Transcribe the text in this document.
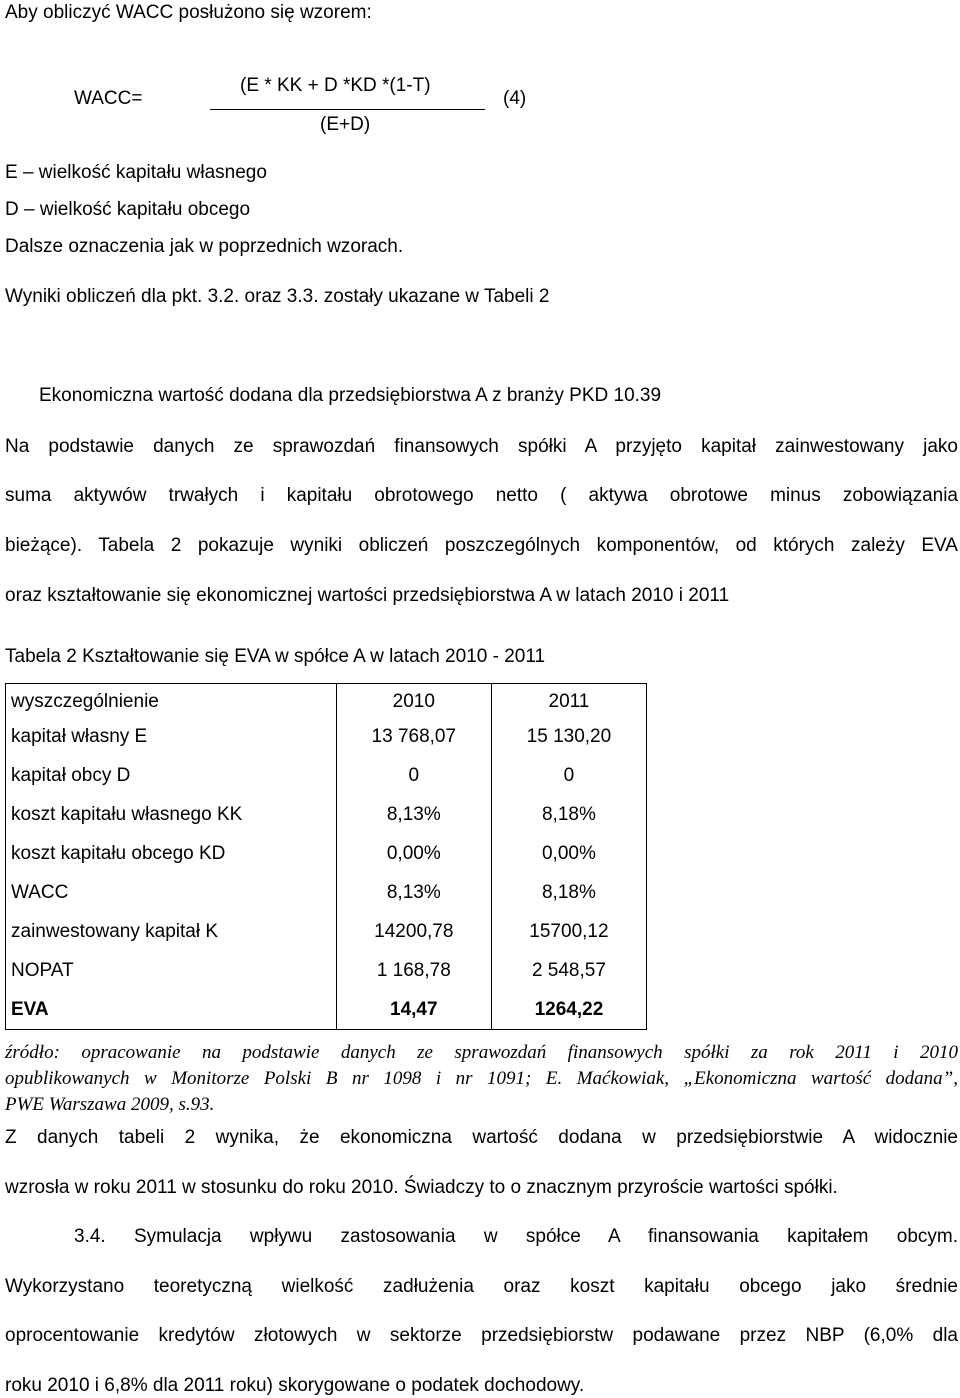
Aby obliczyć WACC posłużono się wzorem:
WACC=
(E * KK + D *KD *(1-T)
(E+D)
(4)
E – wielkość kapitału własnego
D – wielkość kapitału obcego
Dalsze oznaczenia jak w poprzednich wzorach.
Wyniki obliczeń dla pkt. 3.2. oraz 3.3. zostały ukazane w Tabeli 2
Ekonomiczna wartość dodana dla przedsiębiorstwa A z branży PKD 10.39
Na podstawie danych ze sprawozdań finansowych spółki A przyjęto kapitał zainwestowany jako
suma aktywów trwałych i kapitału obrotowego netto ( aktywa obrotowe minus zobowiązania
bieżące). Tabela 2 pokazuje wyniki obliczeń poszczególnych komponentów, od których zależy EVA
oraz kształtowanie się ekonomicznej wartości przedsiębiorstwa A w latach 2010 i 2011
Tabela 2 Kształtowanie się EVA w spółce A w latach 2010 - 2011
wyszczególnienie	2010	2011
kapitał własny E	13 768,07	15 130,20
kapitał obcy D	0	0
koszt kapitału własnego KK	8,13%	8,18%
koszt kapitału obcego KD	0,00%	0,00%
WACC	8,13%	8,18%
zainwestowany kapitał K	14200,78	15700,12
NOPAT	1 168,78	2 548,57
EVA	14,47	1264,22
źródło: opracowanie na podstawie danych ze sprawozdań finansowych spółki za rok 2011 i 2010
opublikowanych w Monitorze Polski B nr 1098 i nr 1091; E. Maćkowiak, „Ekonomiczna wartość dodana”,
PWE Warszawa 2009, s.93.
Z danych tabeli 2 wynika, że ekonomiczna wartość dodana w przedsiębiorstwie A widocznie
wzrosła w roku 2011 w stosunku do roku 2010. Świadczy to o znacznym przyroście wartości spółki.
3.4. Symulacja wpływu zastosowania w spółce A finansowania kapitałem obcym.
Wykorzystano teoretyczną wielkość zadłużenia oraz koszt kapitału obcego jako średnie
oprocentowanie kredytów złotowych w sektorze przedsiębiorstw podawane przez NBP (6,0% dla
roku 2010 i 6,8% dla 2011 roku) skorygowane o podatek dochodowy.
